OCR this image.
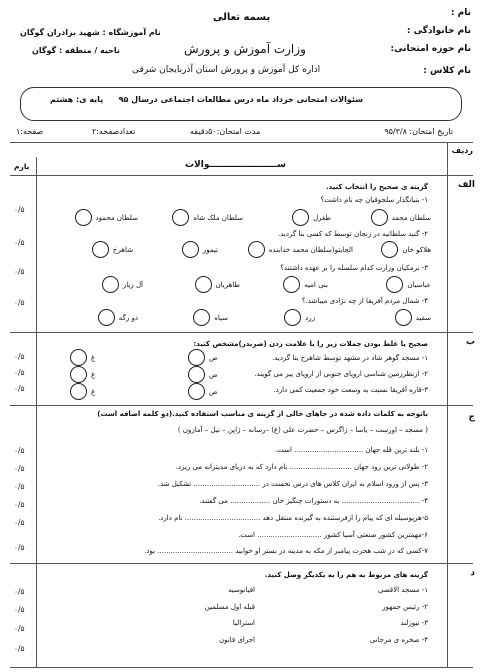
بسمه تعالی	نام :
نام خانوادگی :
نام حوزه امتحانی:
نام کلاس :
نام آموزشگاه : شهید برادران گوگان
ناحیه / منطقه : گوگان	وزارت آموزش و پرورش
اداره کل آموزش و پرورش استان آذربایجان شرقی
سئوالات امتحانی خرداد ماه درس مطالعات اجتماعی درسال ۹۵
پایه ی: هشتم
تاریخ امتحان: ۹۵/۳/۸
مدت امتحان:۵۰دقیقه
تعدادصفحه:۲
صفحه:۱
ردیف
ســــــــــــــــــــــوالات
بارم
الف
گزینه ی صحیح را انتخاب کنید.
۱- بنیانگذار سلجوقیان چه نام داشت؟
سلطان محمد
طغرل
سلطان ملک شاه
سلطان محمود
۲- گنبد سلطانیه در زنجان توسط که کسی بنا گردید.
هلاکو خان
الجایتو(سلطان محمد خدابنده
تیمور
شاهرخ
۳- برمکیان وزارت کدام سلسله را بر عهده داشتند؟
عباسیان
بنی امیه
طاهریان
آل زیار
۴- شمال مردم آفریقا از چه نژادی میباشد.؟
سفید
زرد
سیاه
دو رگه
۰/۵
۰/۵
۰/۵
۰/۵
ب
صحیح یا غلط بودن جملات زیر را با علامت زدن (ضربدر)مشخص کنید:
۱- مسجد گوهر شاد در مشهد توسط شاهرخ بنا گردید.
۲- ازنظرزمین شناسی اروپای جنوبی از اروپای پیر می گویند.
۳-قاره آفریقا نسبت به وسعت خود جمعیت کمی دارد.
ص
غ
ص
غ
ص
غ
۰/۵
۰/۵
۰/۵
ج
باتوجه به کلمات داده شده در جاهای خالی از گزینه ی مناسب استفاده کنید.(دو کلمه اضافه است)
( مسجد – اورست – یاسا – زاگرس – حضرت علی (ع) –رسانه – ژاپن – نیل – آمازون )
۱- بلند ترین قله جهان ............................... است.
۲- طولانی ترین رود جهان ............................ نام دارد که به دریای مدیترانه می ریزد.
۳- پس از ورود اسلام به ایران کلاس های درس نخست در .............................. تشکیل شد.
۴- ................................... به دستورات چنگیز خان .................. می گفتند.
۵-هرپوسیله ای که پیام را ازفرستنده به گیرنده منتقل دهد .................................. نام دارد.
۶-مهمترین کشور صنعتی آسیا کشور ............................. است.
۷-کسی که در شب هجرت پیامبر از مکه به مدینه در بستر او خوابید .................................. بود.
۰/۵
۰/۵
۰/۵
۰/۵
۰/۵
۰/۵
د
گزینه های مربوط به هم را به یکدیگر وصل کنید.
۱- مسجد الاقصی
۲- رئیس جمهور
۳- نیوزلند
۴- صخره ی مرجانی
افیانوسیه
قبله اول مسلمین
استرالیا
اجرای قانون
۰/۵
۰/۵
۰/۵
۰/۵
